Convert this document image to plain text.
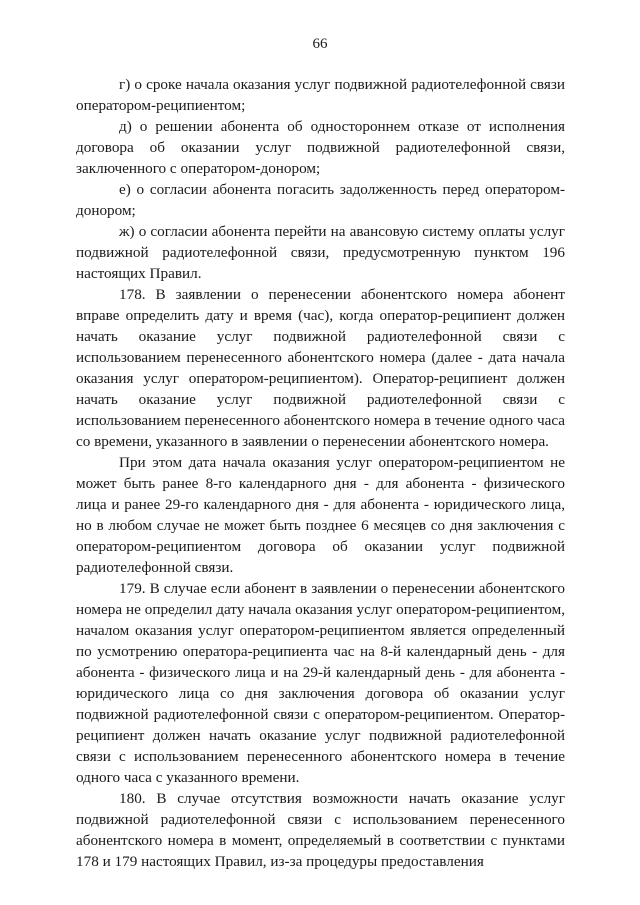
66

г) о сроке начала оказания услуг подвижной радиотелефонной связи оператором-реципиентом;

д) о решении абонента об одностороннем отказе от исполнения договора об оказании услуг подвижной радиотелефонной связи, заключенного с оператором-донором;

е) о согласии абонента погасить задолженность перед оператором-донором;

ж) о согласии абонента перейти на авансовую систему оплаты услуг подвижной радиотелефонной связи, предусмотренную пунктом 196 настоящих Правил.

178. В заявлении о перенесении абонентского номера абонент вправе определить дату и время (час), когда оператор-реципиент должен начать оказание услуг подвижной радиотелефонной связи с использованием перенесенного абонентского номера (далее - дата начала оказания услуг оператором-реципиентом). Оператор-реципиент должен начать оказание услуг подвижной радиотелефонной связи с использованием перенесенного абонентского номера в течение одного часа со времени, указанного в заявлении о перенесении абонентского номера.

При этом дата начала оказания услуг оператором-реципиентом не может быть ранее 8-го календарного дня - для абонента - физического лица и ранее 29-го календарного дня - для абонента - юридического лица, но в любом случае не может быть позднее 6 месяцев со дня заключения с оператором-реципиентом договора об оказании услуг подвижной радиотелефонной связи.

179. В случае если абонент в заявлении о перенесении абонентского номера не определил дату начала оказания услуг оператором-реципиентом, началом оказания услуг оператором-реципиентом является определенный по усмотрению оператора-реципиента час на 8-й календарный день - для абонента - физического лица и на 29-й календарный день - для абонента - юридического лица со дня заключения договора об оказании услуг подвижной радиотелефонной связи с оператором-реципиентом. Оператор-реципиент должен начать оказание услуг подвижной радиотелефонной связи с использованием перенесенного абонентского номера в течение одного часа с указанного времени.

180. В случае отсутствия возможности начать оказание услуг подвижной радиотелефонной связи с использованием перенесенного абонентского номера в момент, определяемый в соответствии с пунктами 178 и 179 настоящих Правил, из-за процедуры предоставления
